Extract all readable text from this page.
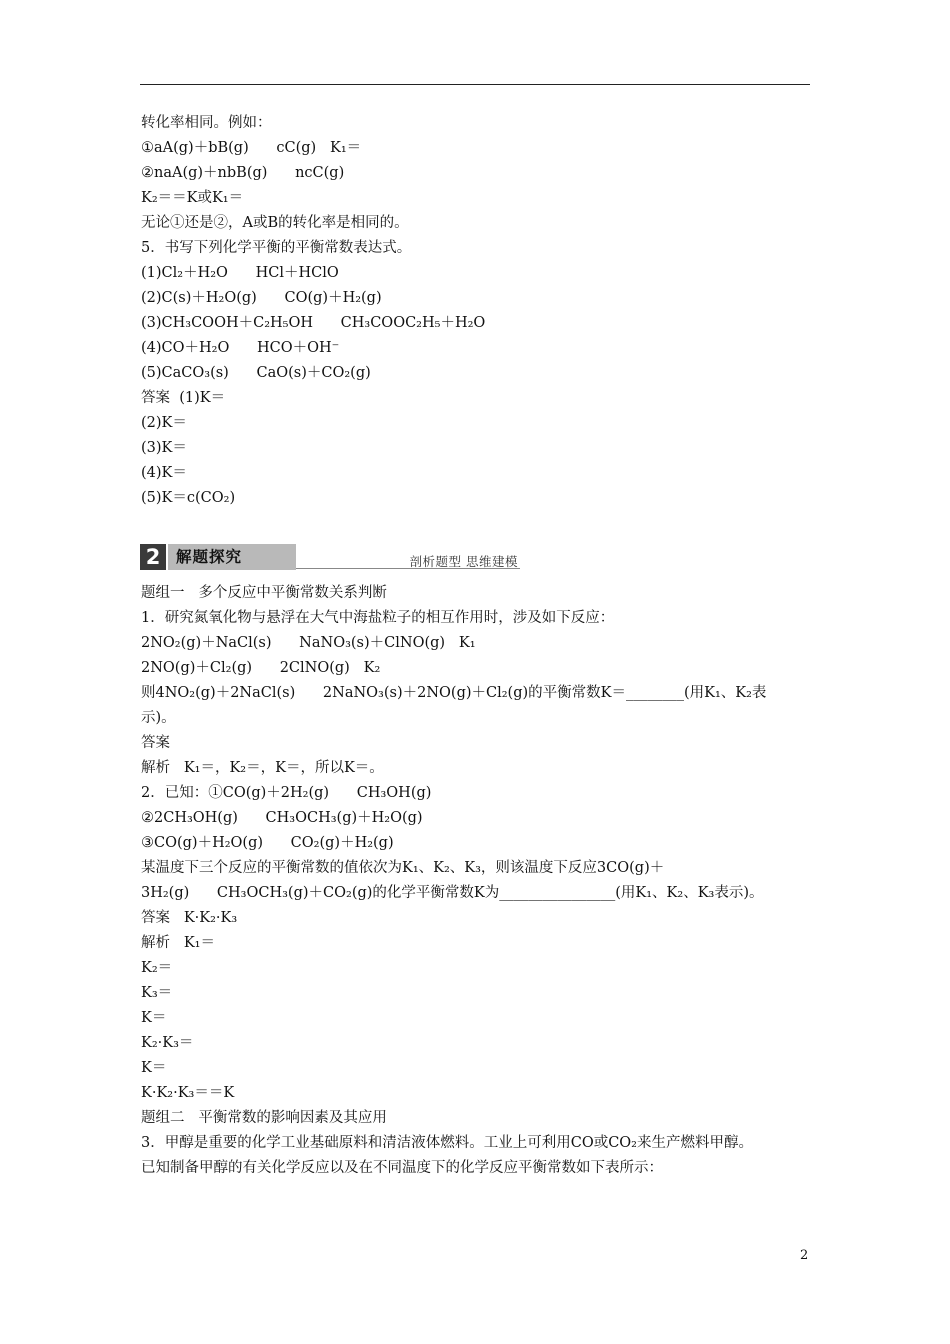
转化率相同。例如：
①aA(g)＋bB(g)      cC(g)   K₁＝
②naA(g)＋nbB(g)      ncC(g)
K₂＝＝K或K₁＝
无论①还是②，A或B的转化率是相同的。
5．书写下列化学平衡的平衡常数表达式。
(1)Cl₂＋H₂O      HCl＋HClO
(2)C(s)＋H₂O(g)      CO(g)＋H₂(g)
(3)CH₃COOH＋C₂H₅OH      CH₃COOC₂H₅＋H₂O
(4)CO＋H₂O      HCO＋OH⁻
(5)CaCO₃(s)      CaO(s)＋CO₂(g)
答案  (1)K＝
(2)K＝
(3)K＝
(4)K＝
(5)K＝c(CO₂)
题组一   多个反应中平衡常数关系判断
1．研究氮氧化物与悬浮在大气中海盐粒子的相互作用时，涉及如下反应：
2NO₂(g)＋NaCl(s)      NaNO₃(s)＋ClNO(g)   K₁
2NO(g)＋Cl₂(g)      2ClNO(g)   K₂
则4NO₂(g)＋2NaCl(s)      2NaNO₃(s)＋2NO(g)＋Cl₂(g)的平衡常数K＝________(用K₁、K₂表
示)。
答案
解析   K₁＝，K₂＝，K＝，所以K＝。
2．已知：①CO(g)＋2H₂(g)      CH₃OH(g)
②2CH₃OH(g)      CH₃OCH₃(g)＋H₂O(g)
③CO(g)＋H₂O(g)      CO₂(g)＋H₂(g)
某温度下三个反应的平衡常数的值依次为K₁、K₂、K₃，则该温度下反应3CO(g)＋
3H₂(g)      CH₃OCH₃(g)＋CO₂(g)的化学平衡常数K为________________(用K₁、K₂、K₃表示)。
答案   K·K₂·K₃
解析   K₁＝
K₂＝
K₃＝
K＝
K₂·K₃＝
K＝
K·K₂·K₃＝＝K
题组二   平衡常数的影响因素及其应用
3．甲醇是重要的化学工业基础原料和清洁液体燃料。工业上可利用CO或CO₂来生产燃料甲醇。
已知制备甲醇的有关化学反应以及在不同温度下的化学反应平衡常数如下表所示：
2	解题探究	剖析题型 思维建模
2
